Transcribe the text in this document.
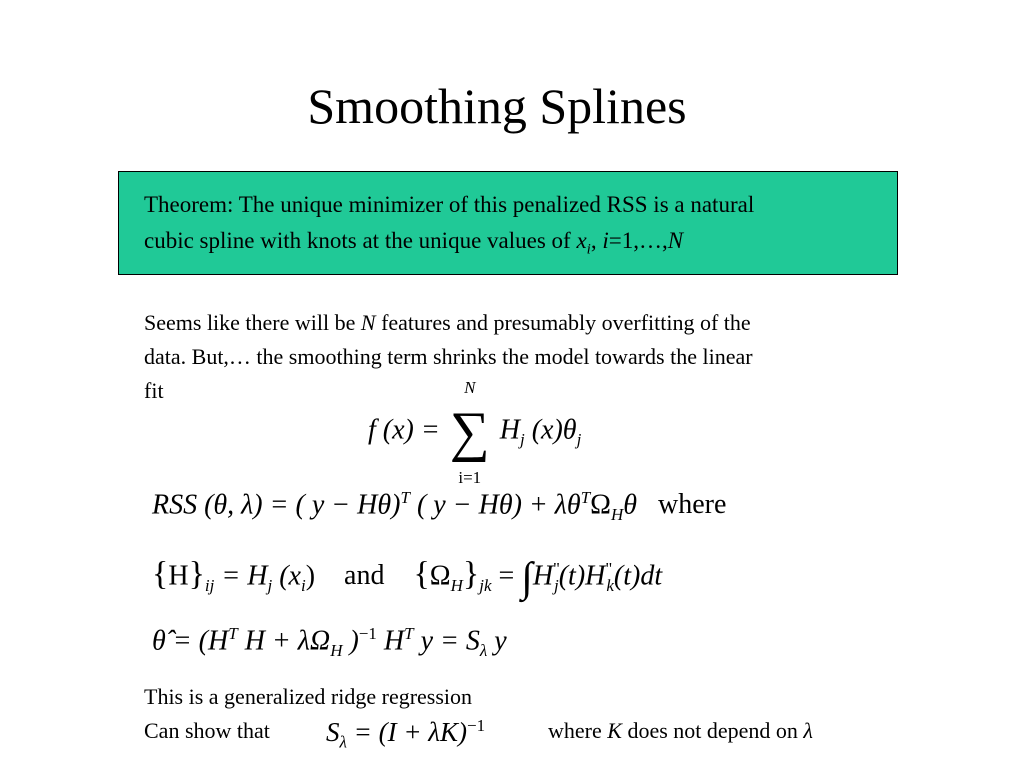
Smoothing Splines
Theorem: The unique minimizer of this penalized RSS is a natural
cubic spline with knots at the unique values of $x_i$, i=1,…,N
Seems like there will be N features and presumably overfitting of the
data. But,… the smoothing term shrinks the model towards the linear
fit
f (x) =
N
∑
i=1
$H_j$ $(x)\theta_j$
RSS (θ, λ) = ( y − Hθ)$^T$ ( $y - H\theta) + \lambda\theta^T\Omega_H\theta$ where
$\{H\}_{ij} = H_j$ $(x_i)$ and $\{\Omega_H\}_{jk} = \int H^"_j(t)H^"_k(t)dt$
θ̂ = ($H^T$ $H + \lambda\Omega_H$ )$^{-1}$ $H^T$ $y = S_\lambda$ y
This is a generalized ridge regression
Can show that $S_\lambda = (I + \lambda K)^{-1}$	where K does not depend on λ
